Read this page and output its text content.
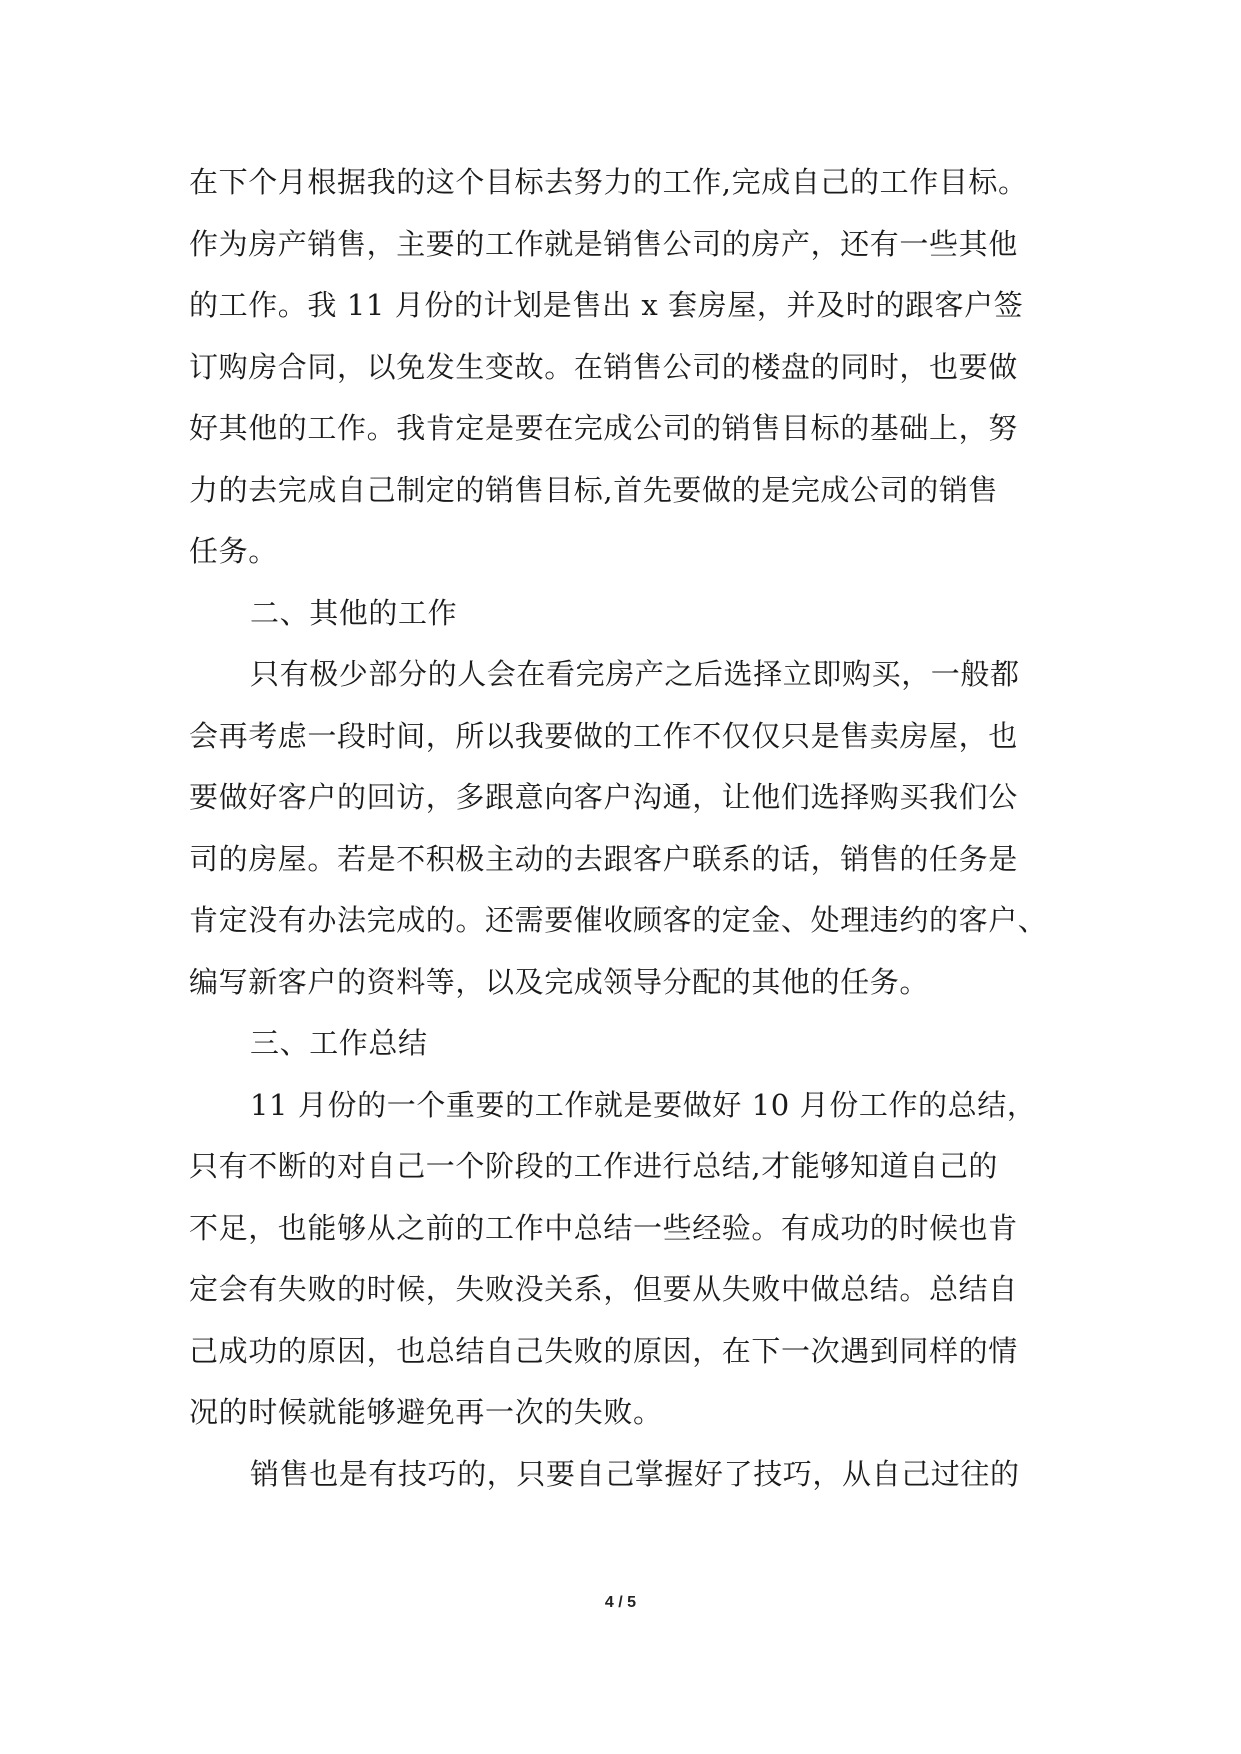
在下个月根据我的这个目标去努力的工作,完成自己的工作目标。
作为房产销售，主要的工作就是销售公司的房产，还有一些其他
的工作。我 11 月份的计划是售出 x 套房屋，并及时的跟客户签
订购房合同，以免发生变故。在销售公司的楼盘的同时，也要做
好其他的工作。我肯定是要在完成公司的销售目标的基础上，努
力的去完成自己制定的销售目标,首先要做的是完成公司的销售
任务。
二、其他的工作
只有极少部分的人会在看完房产之后选择立即购买，一般都
会再考虑一段时间，所以我要做的工作不仅仅只是售卖房屋，也
要做好客户的回访，多跟意向客户沟通，让他们选择购买我们公
司的房屋。若是不积极主动的去跟客户联系的话，销售的任务是
肯定没有办法完成的。还需要催收顾客的定金、处理违约的客户、
编写新客户的资料等，以及完成领导分配的其他的任务。
三、工作总结
11 月份的一个重要的工作就是要做好 10 月份工作的总结，
只有不断的对自己一个阶段的工作进行总结,才能够知道自己的
不足，也能够从之前的工作中总结一些经验。有成功的时候也肯
定会有失败的时候，失败没关系，但要从失败中做总结。总结自
己成功的原因，也总结自己失败的原因，在下一次遇到同样的情
况的时候就能够避免再一次的失败。
销售也是有技巧的，只要自己掌握好了技巧，从自己过往的
4 / 5
